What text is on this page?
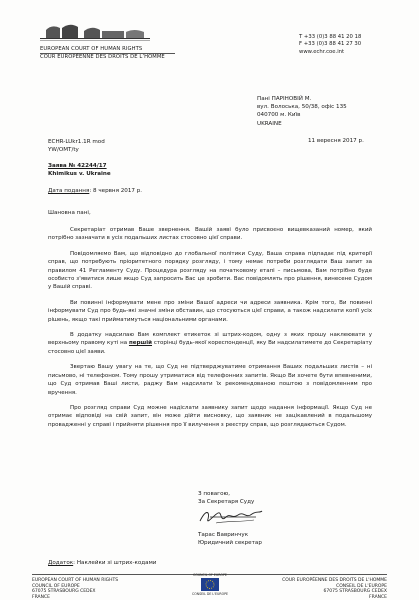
EUROPEAN COURT OF HUMAN RIGHTS
COUR EUROPÉENNE DES DROITS DE L’HOMME
T +33 (0)3 88 41 20 18
F +33 (0)3 88 41 27 30
www.echr.coe.int
Пані ПАРІНОВІЙ М.
вул. Волоська, 50/38, офіс 135
040700 м. Київ
UKRAINE
ECHR-LUkr1.1R mod
YW/OMT/ty
11 вересня 2017 р.
Заява № 42244/17
Khimikus v. Ukraine
Дата подання: 8 червня 2017 р.
Шановна пані,

Секретаріат отримав Ваше звернення. Вашій заяві було присвоєно вищевказаний номер, який потрібно зазначати в усіх подальших листах стосовно цієї справи.

Повідомляємо Вам, що відповідно до глобальної політики Суду, Ваша справа підпадає під критерії справ, що потребують пріоритетного порядку розгляду, і тому немає потреби розглядати Ваш запит за правилом 41 Регламенту Суду. Процедура розгляду на початковому етапі – письмова, Вам потрібно буде особисто з'явитися лише якщо Суд запросить Вас це зробити. Вас повідомлять про рішення, винесене Судом у Вашій справі.

Ви повинні інформувати мене про зміни Вашої адреси чи адреси заявника. Крім того, Ви повинні інформувати Суд про будь-які значні зміни обставин, що стосуються цієї справи, а також надсилати копії усіх рішень, якщо такі прийматимуться національними органами.

В додатку надсилаю Вам комплект етикеток зі штрих-кодом, одну з яких прошу наклеювати у верхньому правому куті на першій сторінці будь-якої кореспонденції, яку Ви надсилатимете до Секретаріату стосовно цієї заяви.

Звертаю Вашу увагу на те, що Суд не підтверджуватиме отримання Ваших подальших листів – ні письмово, ні телефоном. Тому прошу утриматися від телефонних запитів. Якщо Ви хочете бути впевненими, що Суд отримав Ваші листи, раджу Вам надсилати їх рекомендованою поштою з повідомленням про вручення.

Про розгляд справи Суд можне надіслати заявнику запит щодо надання інформації. Якщо Суд не отримає відповіді на свій запит, він може дійти висновку, що заявник не зацікавлений в подальшому провадженні у справі і прийняти рішення про її вилучення з реєстру справ, що розглядаються Судом.

З повагою,
За Секретаря Суду
Тарас Вавринчук
Юридичний секретар
Додаток: Наклейки зі штрих-кодами
EUROPEAN COURT OF HUMAN RIGHTS
COUNCIL OF EUROPE
67075 STRASBOURG CEDEX
FRANCE
COUNCIL OF EUROPE
CONSEIL DE L'EUROPE
COUR EUROPÉENNE DES DROITS DE L'HOMME
CONSEIL DE L'EUROPE
67075 STRASBOURG CEDEX
FRANCE
